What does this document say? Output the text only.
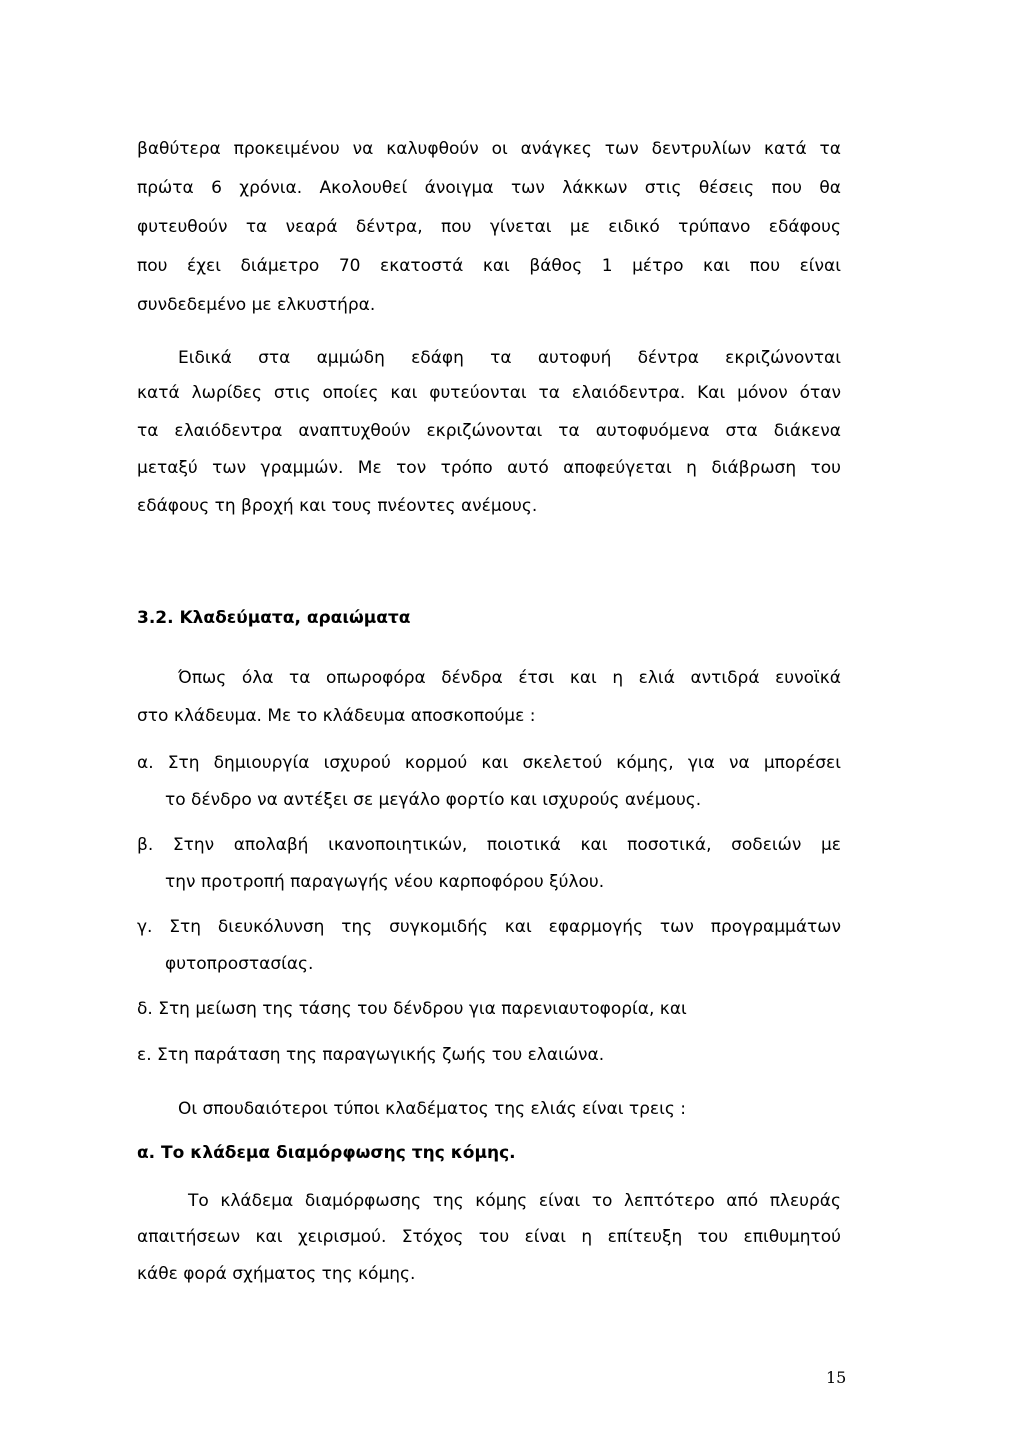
βαθύτερα προκειμένου να καλυφθούν οι ανάγκες των δεντρυλίων κατά τα
πρώτα 6 χρόνια. Ακολουθεί άνοιγμα των λάκκων στις θέσεις που θα
φυτευθούν τα νεαρά δέντρα, που γίνεται με ειδικό τρύπανο εδάφους
που έχει διάμετρο 70 εκατοστά και βάθος 1 μέτρο και που είναι
συνδεδεμένο με ελκυστήρα.
Ειδικά στα αμμώδη εδάφη τα αυτοφυή δέντρα εκριζώνονται
κατά λωρίδες στις οποίες και φυτεύονται τα ελαιόδεντρα. Και μόνον όταν
τα ελαιόδεντρα αναπτυχθούν εκριζώνονται τα αυτοφυόμενα στα διάκενα
μεταξύ των γραμμών. Με τον τρόπο αυτό αποφεύγεται η διάβρωση του
εδάφους τη βροχή και τους πνέοντες ανέμους.
3.2. Κλαδεύματα, αραιώματα
Όπως όλα τα οπωροφόρα δένδρα έτσι και η ελιά αντιδρά ευνοϊκά
στο κλάδευμα. Με το κλάδευμα αποσκοπούμε :
α. Στη δημιουργία ισχυρού κορμού και σκελετού κόμης, για να μπορέσει
το δένδρο να αντέξει σε μεγάλο φορτίο και ισχυρούς ανέμους.
β. Στην απολαβή ικανοποιητικών, ποιοτικά και ποσοτικά, σοδειών με
την προτροπή παραγωγής νέου καρποφόρου ξύλου.
γ. Στη διευκόλυνση της συγκομιδής και εφαρμογής των προγραμμάτων
φυτοπροστασίας.
δ. Στη μείωση της τάσης του δένδρου για παρενιαυτοφορία, και
ε. Στη παράταση της παραγωγικής ζωής του ελαιώνα.
Οι σπουδαιότεροι τύποι κλαδέματος της ελιάς είναι τρεις :
α. Το κλάδεμα διαμόρφωσης της κόμης.
Το κλάδεμα διαμόρφωσης της κόμης είναι το λεπτότερο από πλευράς
απαιτήσεων και χειρισμού. Στόχος του είναι η επίτευξη του επιθυμητού
κάθε φορά σχήματος της κόμης.
15
